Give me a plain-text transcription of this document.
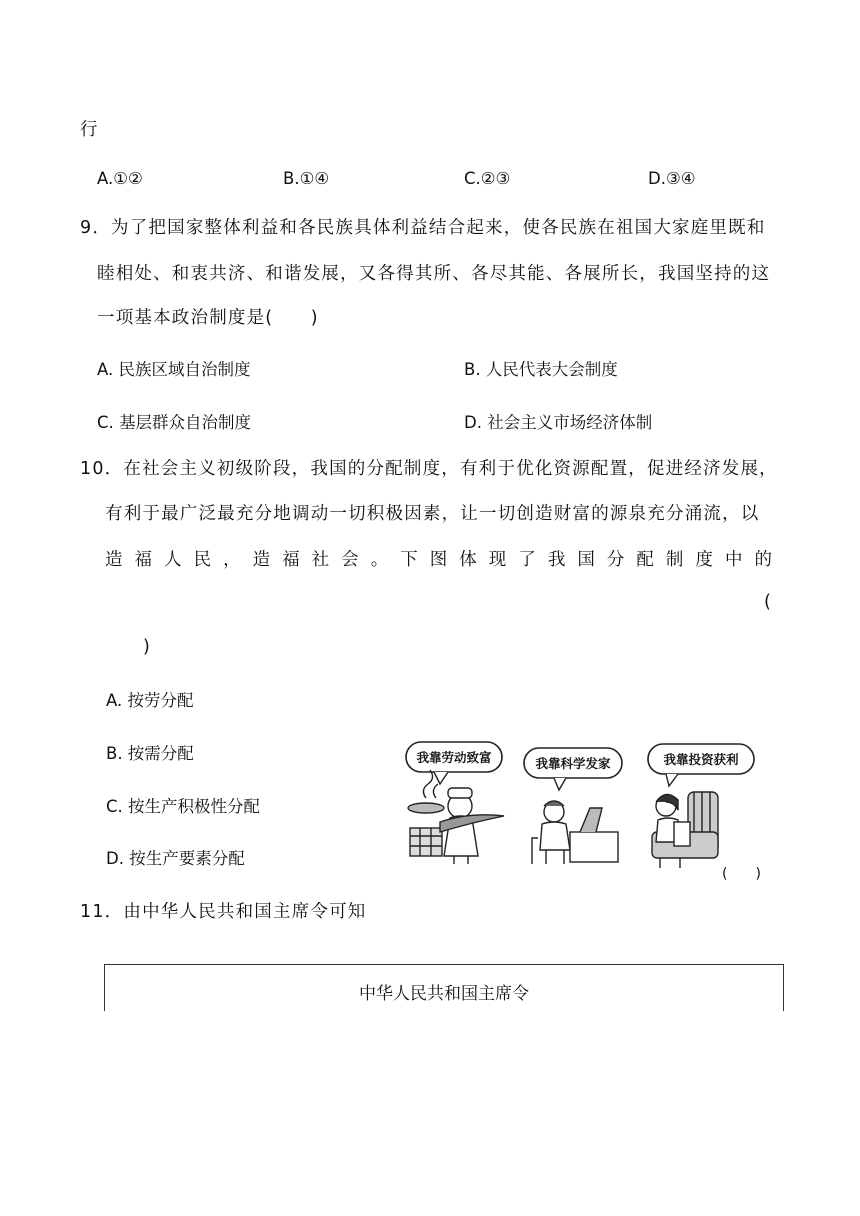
行
A.①②	B.①④	C.②③	D.③④
9．为了把国家整体利益和各民族具体利益结合起来，使各民族在祖国大家庭里既和
睦相处、和衷共济、和谐发展，又各得其所、各尽其能、各展所长，我国坚持的这
一项基本政治制度是(　　)
A. 民族区域自治制度	B. 人民代表大会制度
C. 基层群众自治制度	D. 社会主义市场经济体制
10．在社会主义初级阶段，我国的分配制度，有利于优化资源配置，促进经济发展，
有利于最广泛最充分地调动一切积极因素，让一切创造财富的源泉充分涌流，以
造福人民，造福社会。下图体现了我国分配制度中的
(
)
A. 按劳分配
B. 按需分配
C. 按生产积极性分配
D. 按生产要素分配
我靠劳动致富	我靠科学发家	我靠投资获利
(　　)
11．由中华人民共和国主席令可知
中华人民共和国主席令
